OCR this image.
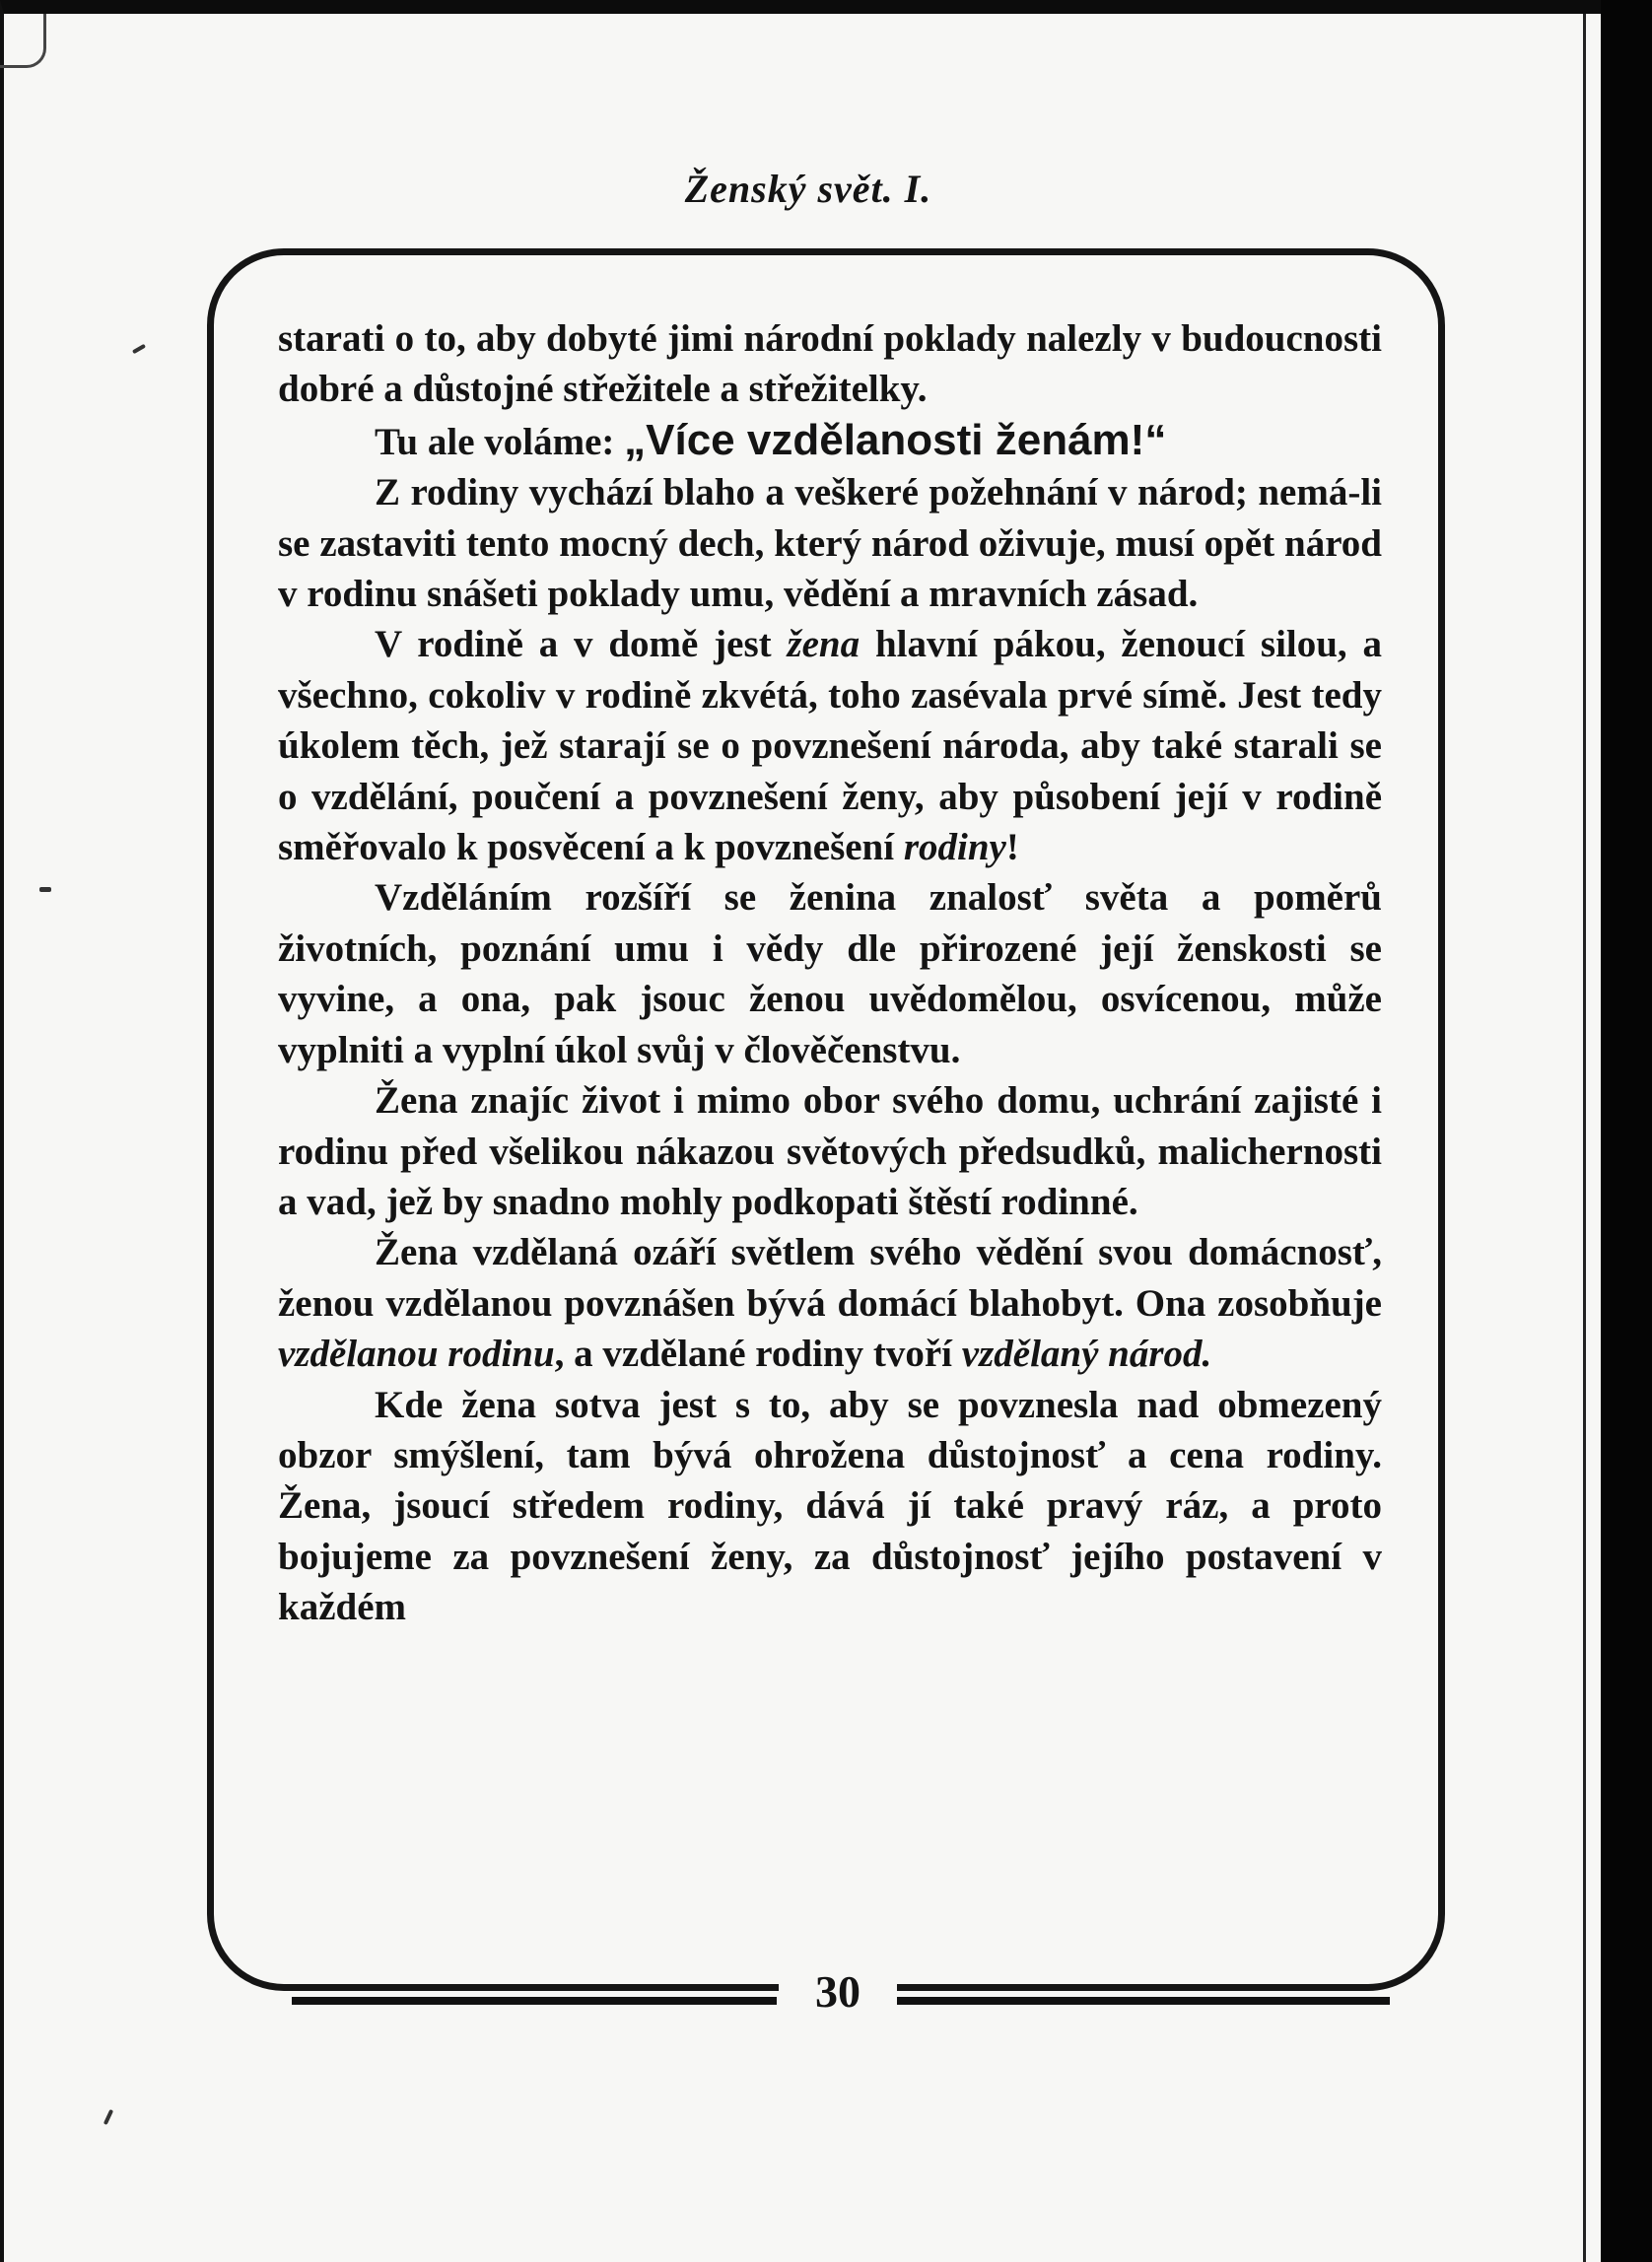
Ženský svět. I.

starati o to, aby dobyté jimi národní poklady nalezly v budoucnosti dobré a důstojné střežitele a střežitelky.

Tu ale voláme: „Více vzdělanosti ženám!“

Z rodiny vychází blaho a veškeré požehnání v národ; nemá-li se zastaviti tento mocný dech, který národ oživuje, musí opět národ v rodinu snášeti poklady umu, vědění a mravních zásad.

V rodině a v domě jest žena hlavní pákou, ženoucí silou, a všechno, cokoliv v rodině zkvétá, toho zasévala prvé símě. Jest tedy úkolem těch, jež starají se o povznešení národa, aby také starali se o vzdělání, poučení a povznešení ženy, aby působení její v rodině směřovalo k posvěcení a k povznešení rodiny!

Vzděláním rozšíří se ženina znalosť světa a poměrů životních, poznání umu i vědy dle přirozené její ženskosti se vyvine, a ona, pak jsouc ženou uvědomělou, osvícenou, může vyplniti a vyplní úkol svůj v člověčenstvu.

Žena znajíc život i mimo obor svého domu, uchrání zajisté i rodinu před všelikou nákazou světových předsudků, malichernosti a vad, jež by snadno mohly podkopati štěstí rodinné.

Žena vzdělaná ozáří světlem svého vědění svou domácnosť, ženou vzdělanou povznášen bývá domácí blahobyt. Ona zosobňuje vzdělanou rodinu, a vzdělané rodiny tvoří vzdělaný národ.

Kde žena sotva jest s to, aby se povznesla nad obmezený obzor smýšlení, tam bývá ohrožena důstojnosť a cena rodiny. Žena, jsoucí středem rodiny, dává jí také pravý ráz, a proto bojujeme za povznešení ženy, za důstojnosť jejího postavení v každém

30
